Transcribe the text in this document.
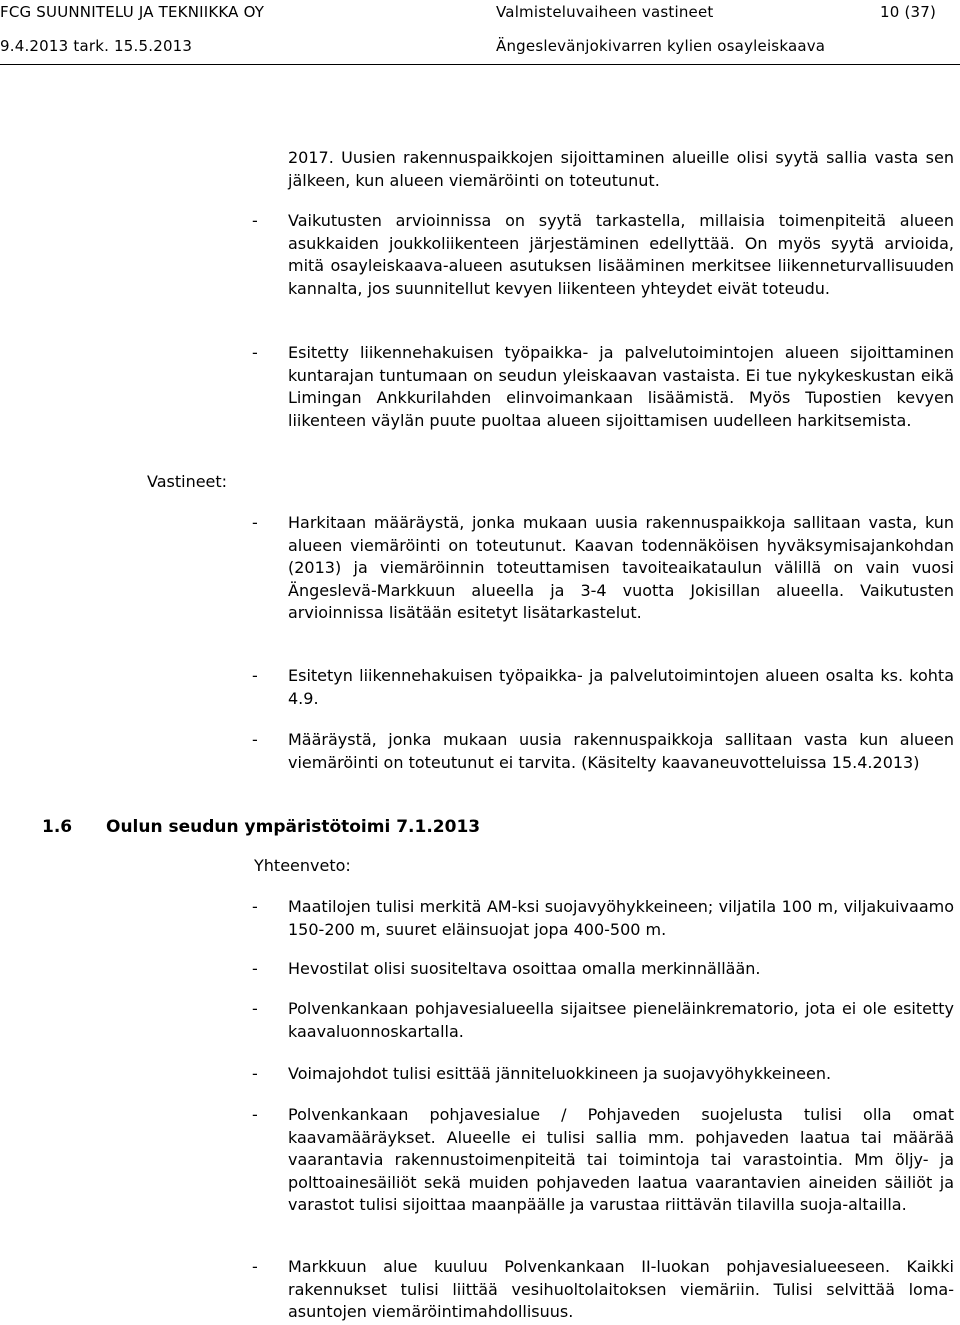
FCG SUUNNITELU JA TEKNIIKKA OY
9.4.2013 tark. 15.5.2013
Valmisteluvaiheen vastineet	10 (37)
Ängeslevänjokivarren kylien osayleiskaava
2017. Uusien rakennuspaikkojen sijoittaminen alueille olisi syytä sallia vasta sen jälkeen, kun alueen viemäröinti on toteutunut.
- Vaikutusten arvioinnissa on syytä tarkastella, millaisia toimenpiteitä alueen asukkaiden joukkoliikenteen järjestäminen edellyttää. On myös syytä arvioida, mitä osayleiskaava-alueen asutuksen lisääminen merkitsee liikenneturvallisuuden kannalta, jos suunnitellut kevyen liikenteen yhteydet eivät toteudu.
- Esitetty liikennehakuisen työpaikka- ja palvelutoimintojen alueen sijoittaminen kuntarajan tuntumaan on seudun yleiskaavan vastaista. Ei tue nykykeskustan eikä Limingan Ankkurilahden elinvoimankaan lisäämistä. Myös Tupostien kevyen liikenteen väylän puute puoltaa alueen sijoittamisen uudelleen harkitsemista.
Vastineet:
- Harkitaan määräystä, jonka mukaan uusia rakennuspaikkoja sallitaan vasta, kun alueen viemäröinti on toteutunut. Kaavan todennäköisen hyväksymisajankohdan (2013) ja viemäröinnin toteuttamisen tavoiteaikataulun välillä on vain vuosi Ängeslevä-Markkuun alueella ja 3-4 vuotta Jokisillan alueella. Vaikutusten arvioinnissa lisätään esitetyt lisätarkastelut.
- Esitetyn liikennehakuisen työpaikka- ja palvelutoimintojen alueen osalta ks. kohta 4.9.
- Määräystä, jonka mukaan uusia rakennuspaikkoja sallitaan vasta kun alueen viemäröinti on toteutunut ei tarvita. (Käsitelty kaavaneuvotteluissa 15.4.2013)
1.6 Oulun seudun ympäristötoimi 7.1.2013
Yhteenveto:
- Maatilojen tulisi merkitä AM-ksi suojavyöhykkeineen; viljatila 100 m, viljakuivaamo 150-200 m, suuret eläinsuojat jopa 400-500 m.
- Hevostilat olisi suositeltava osoittaa omalla merkinnällään.
- Polvenkankaan pohjavesialueella sijaitsee pieneläinkrematorio, jota ei ole esitetty kaavaluonnoskartalla.
- Voimajohdot tulisi esittää jänniteluokkineen ja suojavyöhykkeineen.
- Polvenkankaan pohjavesialue / Pohjaveden suojelusta tulisi olla omat kaavamääräykset. Alueelle ei tulisi sallia mm. pohjaveden laatua tai määrää vaarantavia rakennustoimenpiteitä tai toimintoja tai varastointia. Mm öljy- ja polttoainesäiliöt sekä muiden pohjaveden laatua vaarantavien aineiden säiliöt ja varastot tulisi sijoittaa maanpäälle ja varustaa riittävän tilavilla suoja-altailla.
- Markkuun alue kuuluu Polvenkankaan II-luokan pohjavesialueeseen. Kaikki rakennukset tulisi liittää vesihuoltolaitoksen viemäriin. Tulisi selvittää loma-asuntojen viemäröintimahdollisuus.
